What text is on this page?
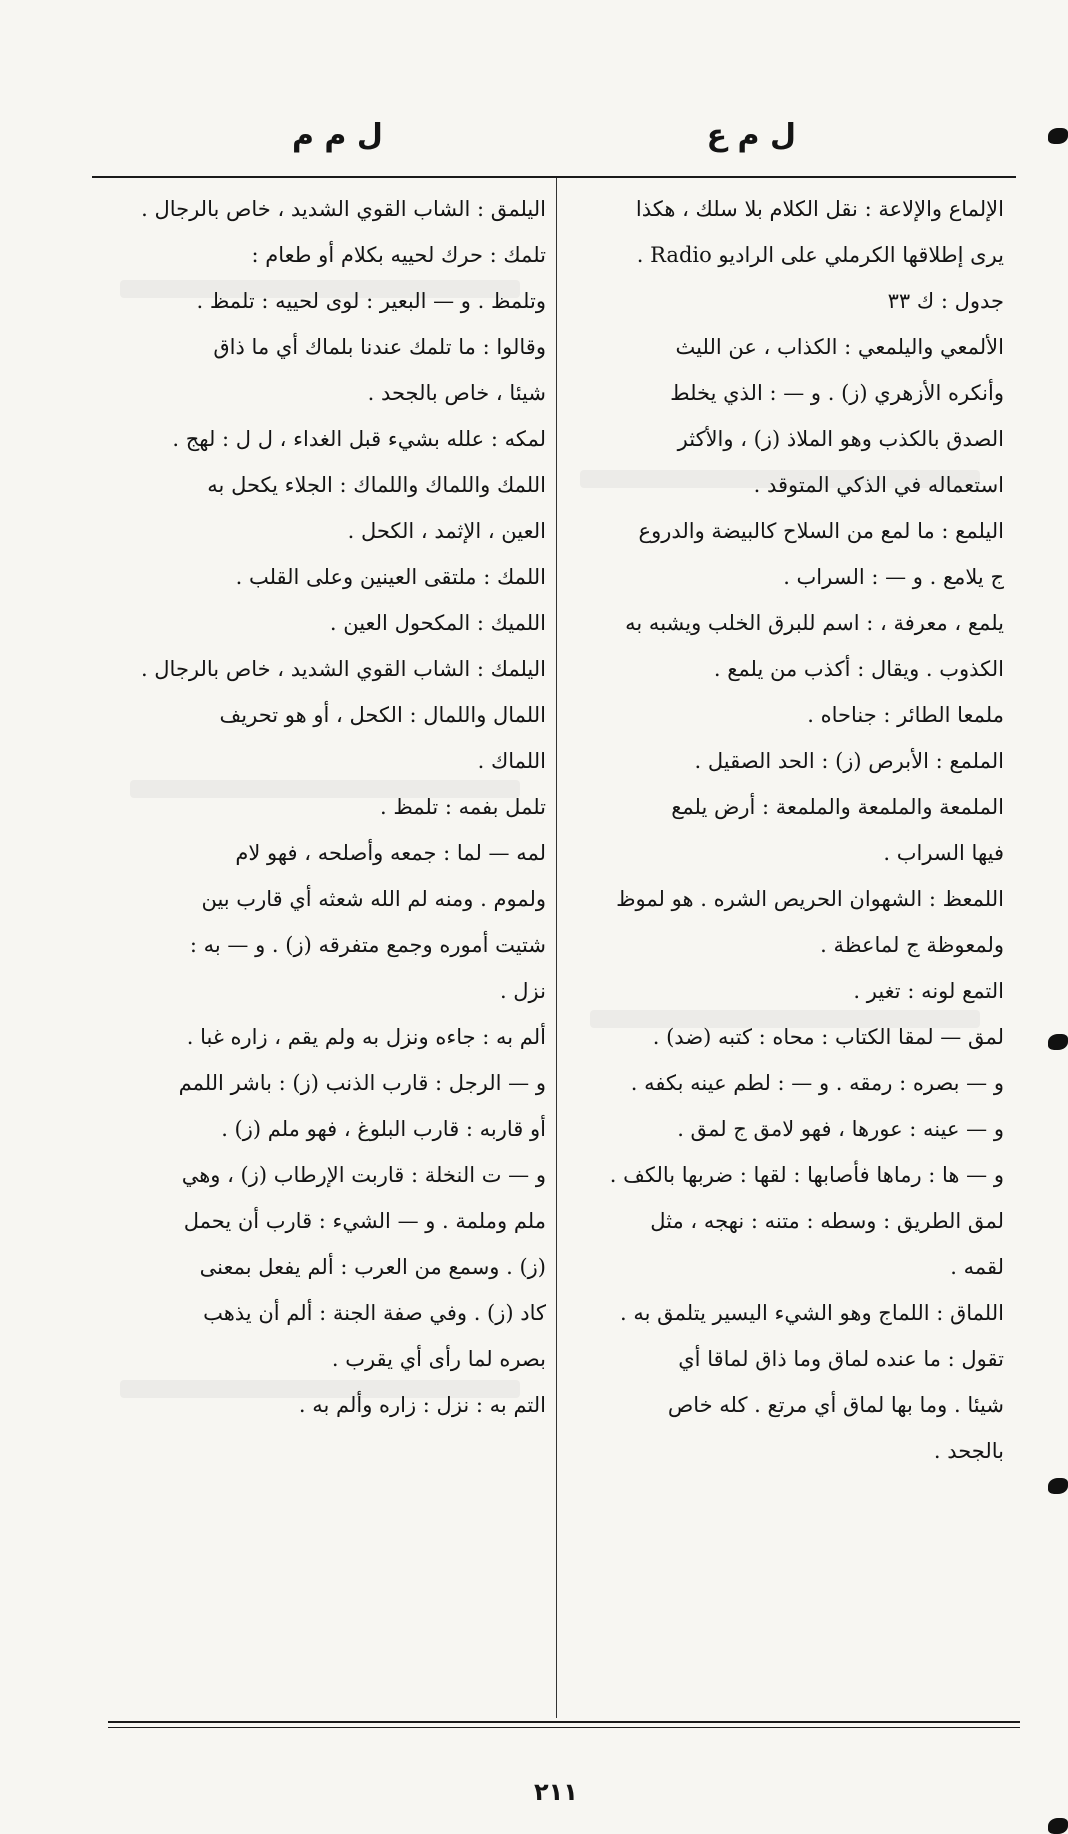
ل م ع
ل م م
الإلماع والإلاعة : نقل الكلام بلا سلك ، هكذا
يرى إطلاقها الكرملي على الراديو Radio .
جدول : ك ٣٣
الألمعي واليلمعي : الكذاب ، عن الليث
وأنكره الأزهري (ز) . و — : الذي يخلط
الصدق بالكذب وهو الملاذ (ز) ، والأكثر
استعماله في الذكي المتوقد .
اليلمع : ما لمع من السلاح كالبيضة والدروع
ج يلامع . و — : السراب .
يلمع ، معرفة ، : اسم للبرق الخلب ويشبه به
الكذوب . ويقال : أكذب من يلمع .
ملمعا الطائر : جناحاه .
الملمع : الأبرص (ز) : الحد الصقيل .
الملمعة والملمعة والملمعة : أرض يلمع
فيها السراب .
اللمعظ : الشهوان الحريص الشره . هو لموظ
ولمعوظة ج لماعظة .
التمع لونه : تغير .
لمق — لمقا الكتاب : محاه : كتبه (ضد) .
و — بصره : رمقه . و — : لطم عينه بكفه .
و — عينه : عورها ، فهو لامق ج لمق .
و — ها : رماها فأصابها : لقها : ضربها بالكف .
لمق الطريق : وسطه : متنه : نهجه ، مثل
لقمه .
اللماق : اللماج وهو الشيء اليسير يتلمق به .
تقول : ما عنده لماق وما ذاق لماقا أي
شيئا . وما بها لماق أي مرتع . كله خاص
بالجحد .
اليلمق : الشاب القوي الشديد ، خاص بالرجال .
تلمك : حرك لحييه بكلام أو طعام :
وتلمظ . و — البعير : لوى لحييه : تلمظ .
وقالوا : ما تلمك عندنا بلماك أي ما ذاق
شيئا ، خاص بالجحد .
لمكه : علله بشيء قبل الغداء ، ل ل : لهج .
اللمك واللماك واللماك : الجلاء يكحل به
العين ، الإثمد ، الكحل .
اللمك : ملتقى العينين وعلى القلب .
اللميك : المكحول العين .
اليلمك : الشاب القوي الشديد ، خاص بالرجال .
اللمال واللمال : الكحل ، أو هو تحريف
اللماك .
تلمل بفمه : تلمظ .
لمه — لما : جمعه وأصلحه ، فهو لام
ولموم . ومنه لم الله شعثه أي قارب بين
شتيت أموره وجمع متفرقه (ز) . و — به :
نزل .
ألم به : جاءه ونزل به ولم يقم ، زاره غبا .
و — الرجل : قارب الذنب (ز) : باشر اللمم
أو قاربه : قارب البلوغ ، فهو ملم (ز) .
و — ت النخلة : قاربت الإرطاب (ز) ، وهي
ملم وملمة . و — الشيء : قارب أن يحمل
(ز) . وسمع من العرب : ألم يفعل بمعنى
كاد (ز) . وفي صفة الجنة : ألم أن يذهب
بصره لما رأى أي يقرب .
التم به : نزل : زاره وألم به .
٢١١
